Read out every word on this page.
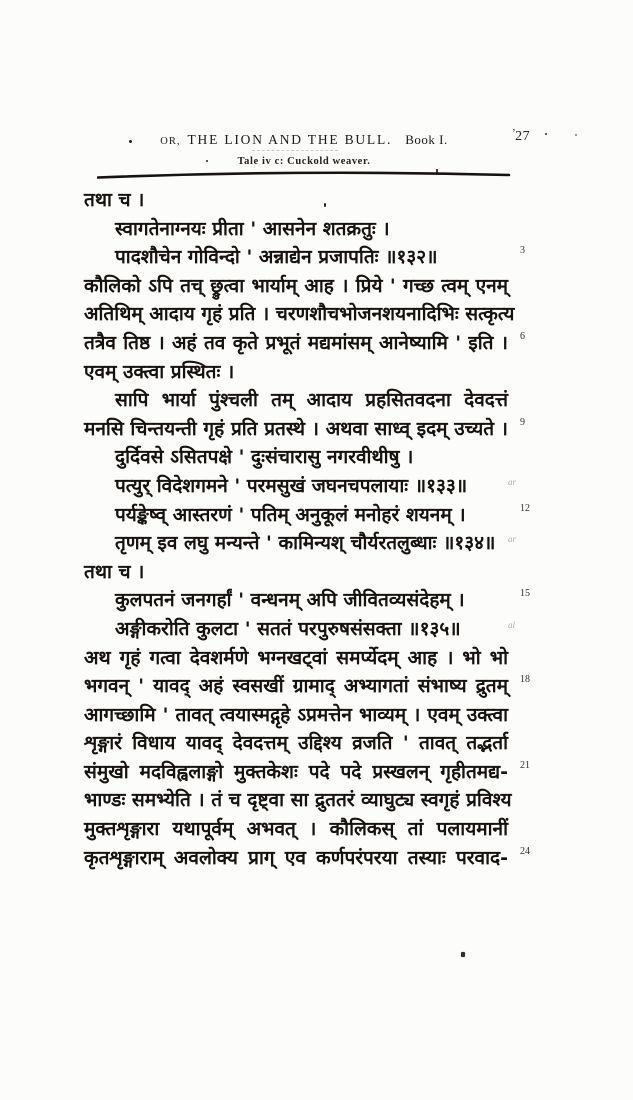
OR, THE LION AND THE BULL. Book I.	$^ʼ$27
Tale iv c: Cuckold weaver.
तथा च ।
स्वागतेनाग्नयः प्रीता ' आसनेन शतक्रतुः ।
पादशौचेन गोविन्दो ' अन्नाद्येन प्रजापतिः ॥१३२॥	3
कौलिको ऽपि तच् छ्रुत्वा भार्याम् आह । प्रिये ' गच्छ त्वम् एनम्
अतिथिम् आदाय गृहं प्रति । चरणशौचभोजनशयनादिभिः सत्कृत्य
तत्रैव तिष्ठ । अहं तव कृते प्रभूतं मद्यमांसम् आनेष्यामि ' इति । 6
एवम् उक्त्वा प्रस्थितः ।
सापि भार्या पुंश्चली तम् आदाय प्रहसितवदना देवदत्तं
मनसि चिन्तयन्ती गृहं प्रति प्रतस्थे । अथवा साध्व् इदम् उच्यते । 9
दुर्दिवसे ऽसितपक्षे ' दुःसंचारासु नगरवीथीषु ।
पत्युर् विदेशगमने ' परमसुखं जघनचपलायाः ॥१३३॥	ar
पर्यङ्केष्व् आस्तरणं ' पतिम् अनुकूलं मनोहरं शयनम् ।	12
तृणम् इव लघु मन्यन्ते ' कामिन्यश् चौर्यरतलुब्धाः ॥१३४॥ ar
तथा च ।
कुलपतनं जनगर्हां ' वन्धनम् अपि जीवितव्यसंदेहम् ।	15
अङ्गीकरोति कुलटा ' सततं परपुरुषसंसक्ता ॥१३५॥	al
अथ गृहं गत्वा देवशर्मणे भग्नखट्वां समर्प्येदम् आह । भो भो
भगवन् ' यावद् अहं स्वसखीं ग्रामाद् अभ्यागतां संभाष्य द्रुतम् 18
आगच्छामि ' तावत् त्वयास्मद्गृहे ऽप्रमत्तेन भाव्यम् । एवम् उक्त्वा
शृङ्गारं विधाय यावद् देवदत्तम् उद्दिश्य व्रजति ' तावत् तद्भर्ता
संमुखो मदविह्वलाङ्गो मुक्तकेशः पदे पदे प्रस्खलन् गृहीतमद्य- 21
भाण्डः समभ्येति । तं च दृष्ट्वा सा द्रुततरं व्याघुट्य स्वगृहं प्रविश्य
मुक्तशृङ्गारा यथापूर्वम् अभवत् । कौलिकस् तां पलायमानीं
कृतशृङ्गाराम् अवलोक्य प्राग् एव कर्णपरंपरया तस्याः परवाद- 24
